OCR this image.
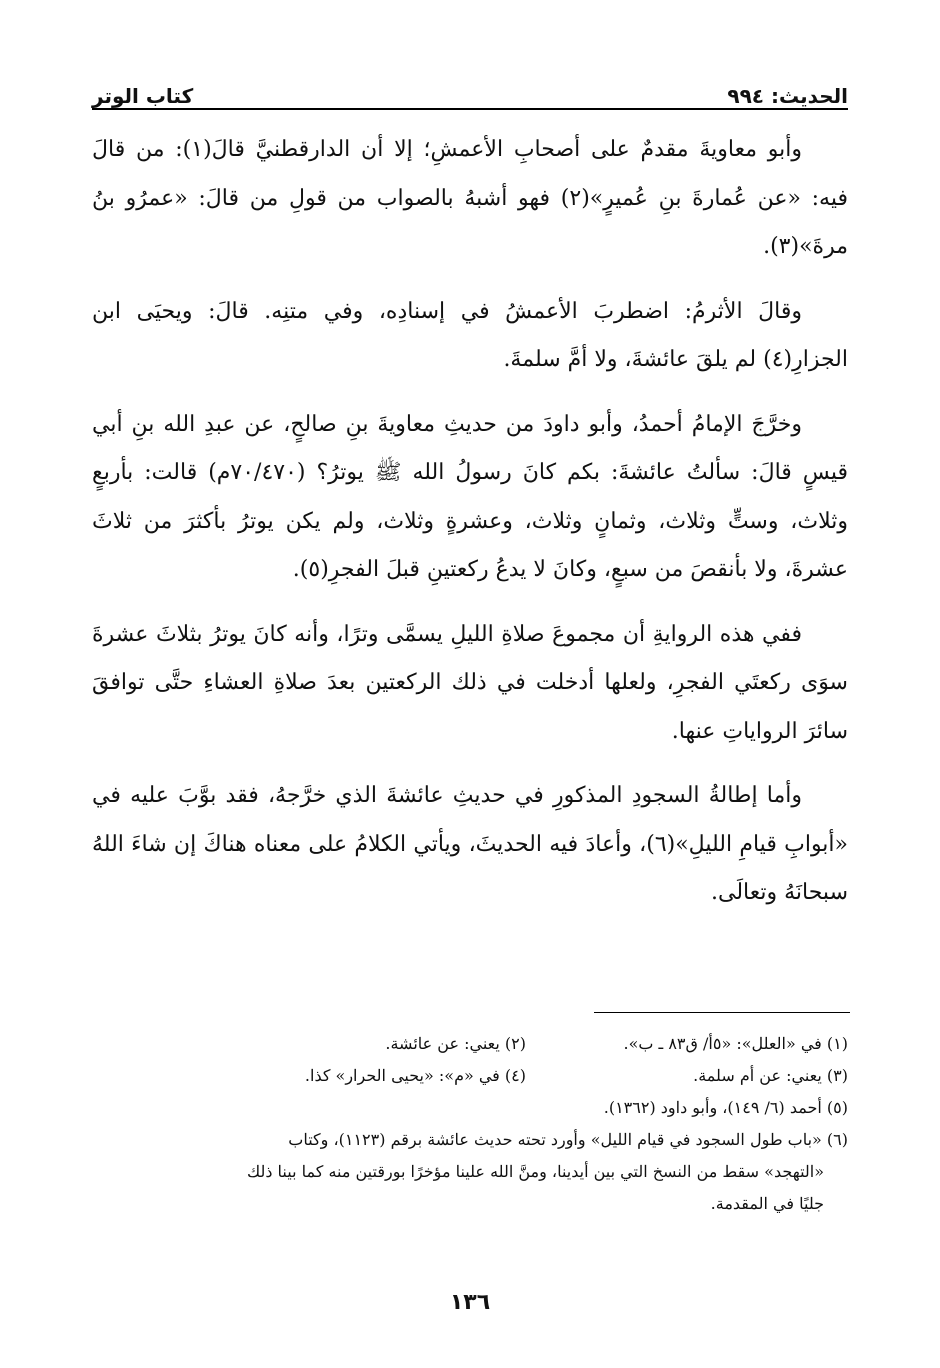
الحديث: ٩٩٤
كتاب الوتر

وأبو معاويةَ مقدمٌ على أصحابِ الأعمشِ؛ إلا أن الدارقطنيَّ قالَ(١): من قالَ فيه: «عن عُمارةَ بنِ عُميرٍ»(٢) فهو أشبهُ بالصواب من قولِ من قالَ: «عمرُو بنُ مرةَ»(٣).

وقالَ الأثرمُ: اضطربَ الأعمشُ في إسنادِه، وفي متنِه. قالَ: ويحيَى ابن الجزارِ(٤) لم يلقَ عائشةَ، ولا أمَّ سلمةَ.

وخرَّجَ الإمامُ أحمدُ، وأبو داودَ من حديثِ معاويةَ بنِ صالحٍ، عن عبدِ الله بنِ أبي قيسٍ قالَ: سألتُ عائشةَ: بكم كانَ رسولُ الله ﷺ يوترُ؟ (٧٠/٤٧٠م) قالت: بأربعٍ وثلاث، وستٍّ وثلاث، وثمانٍ وثلاث، وعشرةٍ وثلاث، ولم يكن يوترُ بأكثرَ من ثلاثَ عشرةَ، ولا بأنقصَ من سبعٍ، وكانَ لا يدعُ ركعتينِ قبلَ الفجرِ(٥).

ففي هذه الروايةِ أن مجموعَ صلاةِ الليلِ يسمَّى وترًا، وأنه كانَ يوترُ بثلاثَ عشرةَ سوَى ركعتَي الفجرِ، ولعلها أدخلت في ذلك الركعتين بعدَ صلاةِ العشاءِ حتَّى توافقَ سائرَ الرواياتِ عنها.

وأما إطالةُ السجودِ المذكورِ في حديثِ عائشةَ الذي خرَّجهُ، فقد بوَّبَ عليه في «أبوابِ قيامِ الليلِ»(٦)، وأعادَ فيه الحديثَ، ويأتي الكلامُ على معناه هناكَ إن شاءَ اللهُ سبحانَهُ وتعالَى.

(١) في «العلل»: «٥أ/ ق٨٣ ـ ب».
(٢) يعني: عن عائشة.
(٣) يعني: عن أم سلمة.
(٤) في «م»: «يحيى الحرار» كذا.
(٥) أحمد (٦/ ١٤٩)، وأبو داود (١٣٦٢).
(٦) «باب طول السجود في قيام الليل» وأورد تحته حديث عائشة برقم (١١٢٣)، وكتاب
«التهجد» سقط من النسخ التي بين أيدينا، ومنَّ الله علينا مؤخرًا بورقتين منه كما بينا ذلك
جليًا في المقدمة.
١٣٦
